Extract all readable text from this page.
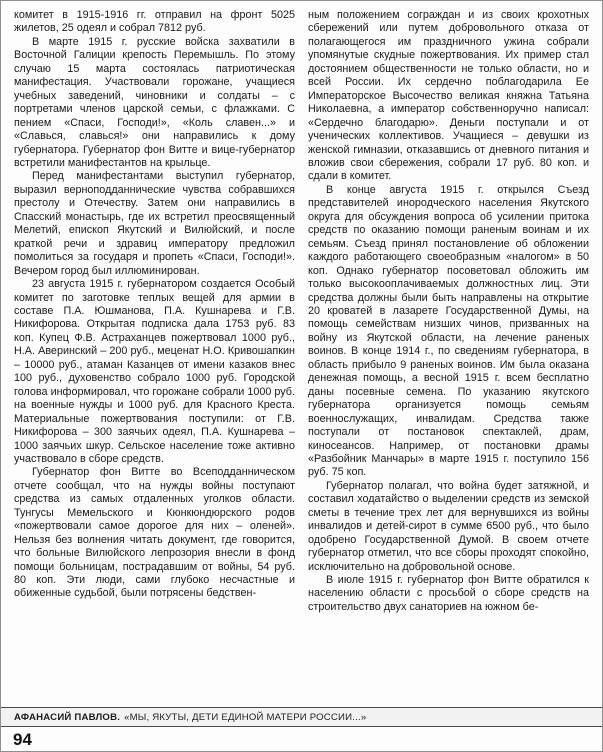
комитет в 1915-1916 гг. отправил на фронт 5025 жилетов, 25 одеял и собрал 7812 руб.

В марте 1915 г. русские войска захватили в Восточной Галиции крепость Перемышль. По этому случаю 15 марта состоялась патриотическая манифестация. Участвовали горожане, учащиеся учебных заведений, чиновники и солдаты – с портретами членов царской семьи, с флажками. С пением «Спаси, Господи!», «Коль славен...» и «Славься, славься!» они направились к дому губернатора. Губернатор фон Витте и вице-губернатор встретили манифестантов на крыльце.

Перед манифестантами выступил губернатор, выразил верноподданнические чувства собравшихся престолу и Отечеству. Затем они направились в Спасский монастырь, где их встретил преосвященный Мелетий, епископ Якутский и Вилюйский, и после краткой речи и здравиц императору предложил помолиться за государя и пропеть «Спаси, Господи!». Вечером город был иллюминирован.

23 августа 1915 г. губернатором создается Особый комитет по заготовке теплых вещей для армии в составе П.А. Юшманова, П.А. Кушнарева и Г.В. Никифорова. Открытая подписка дала 1753 руб. 83 коп. Купец Ф.В. Астраханцев пожертвовал 1000 руб., Н.А. Аверинский – 200 руб., меценат Н.О. Кривошапкин – 10000 руб., атаман Казанцев от имени казаков внес 100 руб., духовенство собрало 1000 руб. Городской голова информировал, что горожане собрали 1000 руб. на военные нужды и 1000 руб. для Красного Креста. Материальные пожертвования поступили: от Г.В. Никифорова – 300 заячьих одеял, П.А. Кушнарева – 1000 заячьих шкур. Сельское население тоже активно участвовало в сборе средств.

Губернатор фон Витте во Всеподданническом отчете сообщал, что на нужды войны поступают средства из самых отдаленных уголков области. Тунгусы Мемельского и Кюнкюндюрского родов «пожертвовали самое дорогое для них – оленей». Нельзя без волнения читать документ, где говорится, что больные Вилюйского лепрозория внесли в фонд помощи больницам, пострадавшим от войны, 54 руб. 80 коп. Эти люди, сами глубоко несчастные и обиженные судьбой, были потрясены бедствен-

ным положением сограждан и из своих крохотных сбережений или путем добровольного отказа от полагающегося им праздничного ужина собрали упомянутые скудные пожертвования. Их пример стал достоянием общественности не только области, но и всей России. Их сердечно поблагодарила Ее Императорское Высочество великая княжна Татьяна Николаевна, а император собственноручно написал: «Сердечно благодарю». Деньги поступали и от ученических коллективов. Учащиеся – девушки из женской гимназии, отказавшись от дневного питания и вложив свои сбережения, собрали 17 руб. 80 коп. и сдали в комитет.

В конце августа 1915 г. открылся Съезд представителей инородческого населения Якутского округа для обсуждения вопроса об усилении притока средств по оказанию помощи раненым воинам и их семьям. Съезд принял постановление об обложении каждого работающего своеобразным «налогом» в 50 коп. Однако губернатор посоветовал обложить им только высокооплачиваемых должностных лиц. Эти средства должны были быть направлены на открытие 20 кроватей в лазарете Государственной Думы, на помощь семействам низших чинов, призванных на войну из Якутской области, на лечение раненых воинов. В конце 1914 г., по сведениям губернатора, в область прибыло 9 раненых воинов. Им была оказана денежная помощь, а весной 1915 г. всем бесплатно даны посевные семена. По указанию якутского губернатора организуется помощь семьям военнослужащих, инвалидам. Средства также поступали от постановок спектаклей, драм, киносеансов. Например, от постановки драмы «Разбойник Манчары» в марте 1915 г. поступило 156 руб. 75 коп.

Губернатор полагал, что война будет затяжной, и составил ходатайство о выделении средств из земской сметы в течение трех лет для вернувшихся из войны инвалидов и детей-сирот в сумме 6500 руб., что было одобрено Государственной Думой. В своем отчете губернатор отметил, что все сборы проходят спокойно, исключительно на добровольной основе.

В июле 1915 г. губернатор фон Витте обратился к населению области с просьбой о сборе средств на строительство двух санаториев на южном бе-

АФАНАСИЙ ПАВЛОВ. «МЫ, ЯКУТЫ, ДЕТИ ЕДИНОЙ МАТЕРИ РОССИИ...»
94
